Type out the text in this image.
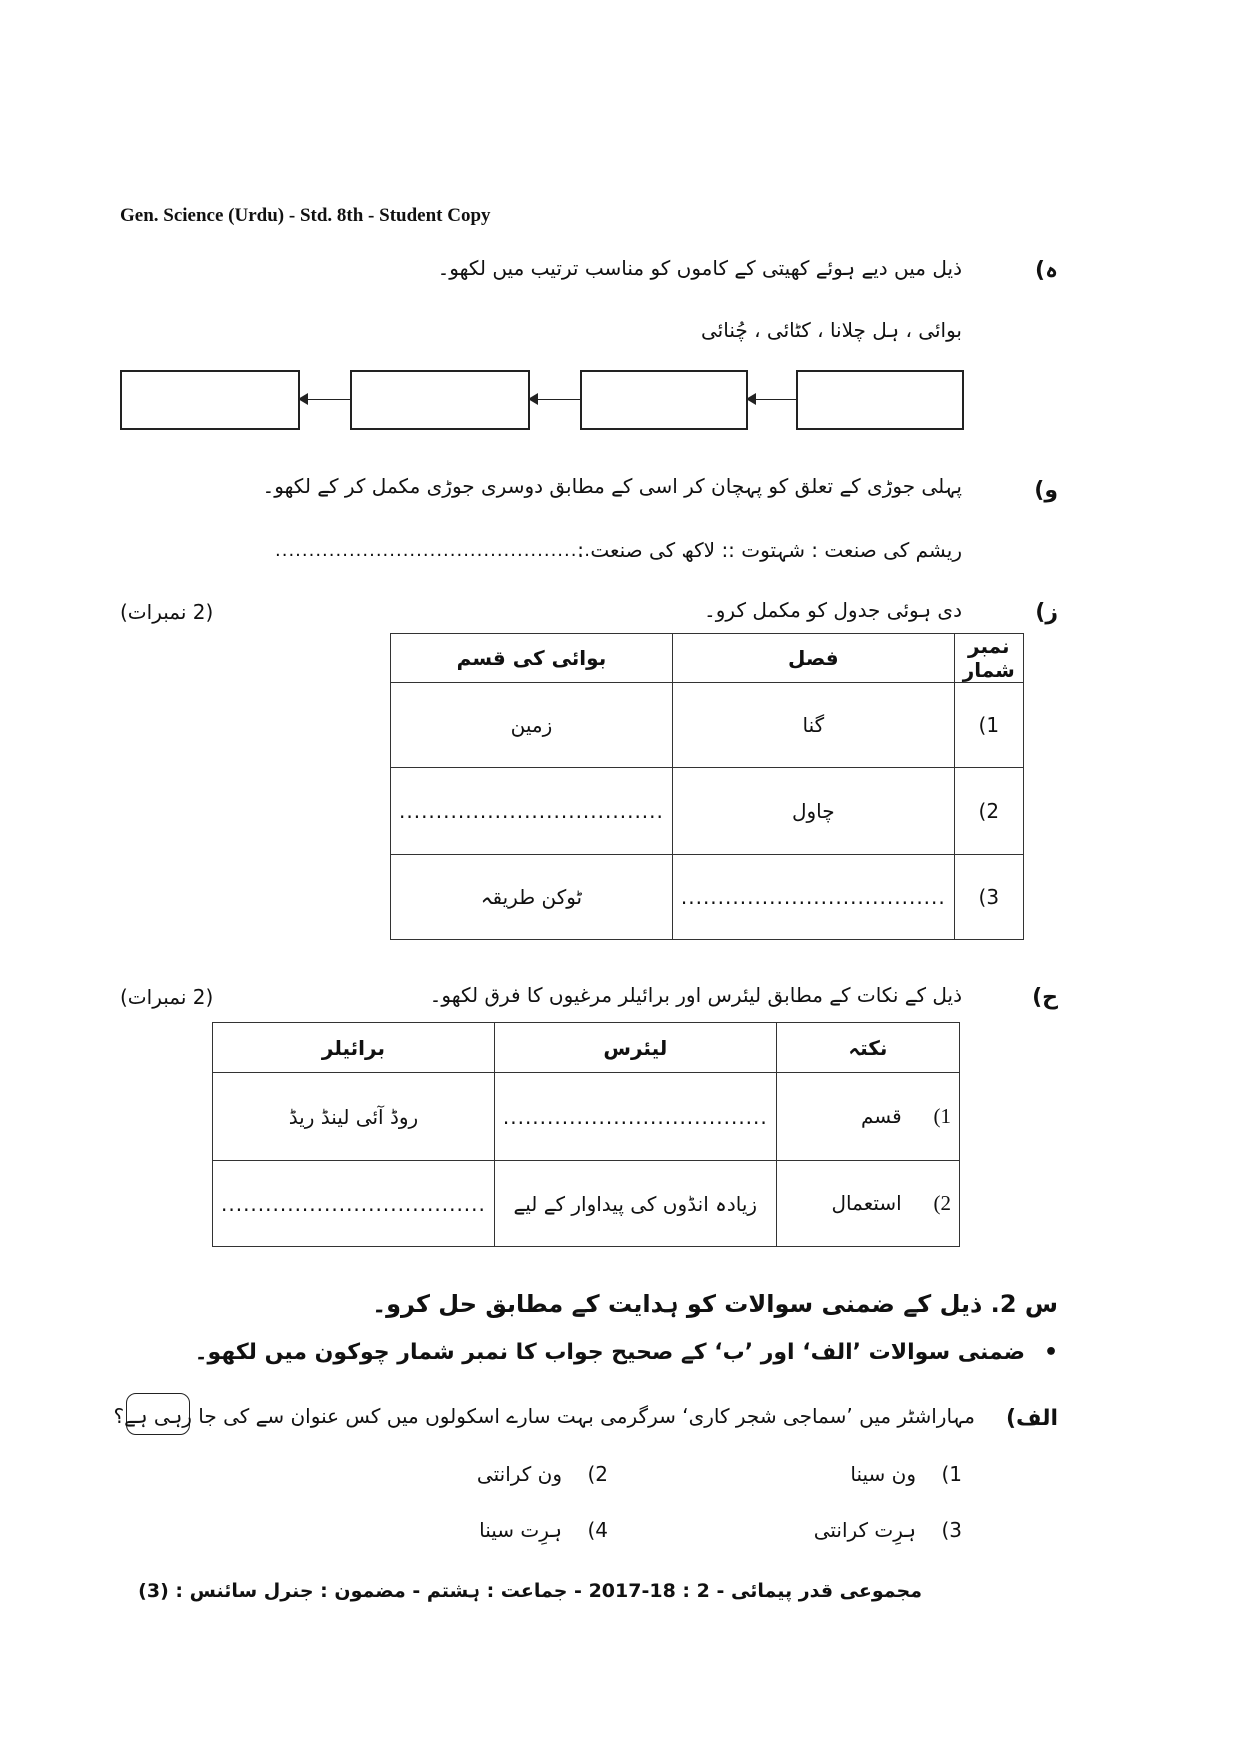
Gen. Science (Urdu) - Std. 8th - Student Copy
ہ)
ذیل میں دیے ہوئے کھیتی کے کاموں کو مناسب ترتیب میں لکھو۔
بوائی ، ہل چلانا ، کٹائی ، چُنائی
و)
پہلی جوڑی کے تعلق کو پہچان کر اسی کے مطابق دوسری جوڑی مکمل کر کے لکھو۔
ریشم کی صنعت : شہتوت :: لاکھ کی صنعت :
...............................................
ز)
دی ہوئی جدول کو مکمل کرو۔
(2 نمبرات)
نمبر شمار	فصل	بوائی کی قسم
1)	گنا	زمین
2)	چاول	....................................
3)	....................................	ٹوکن طریقہ
ح)
ذیل کے نکات کے مطابق لیئرس اور برائیلر مرغیوں کا فرق لکھو۔
(2 نمبرات)
نکتہ	لیئرس	برائیلر
1)     قسم	....................................	روڈ آئی لینڈ ریڈ
2)     استعمال	زیادہ انڈوں کی پیداوار کے لیے	....................................
س 2. ذیل کے ضمنی سوالات کو ہدایت کے مطابق حل کرو۔
•
ضمنی سوالات ’الف‘ اور ’ب‘ کے صحیح جواب کا نمبر شمار چوکون میں لکھو۔
الف)
مہاراشٹر میں ’سماجی شجر کاری‘ سرگرمی بہت سارے اسکولوں میں کس عنوان سے کی جا رہی ہے؟
1)    ون سینا
2)    ون کرانتی
3)    ہرِت کرانتی
4)    ہرِت سینا
مجموعی قدر پیمائی - 2 : 18-2017 - جماعت : ہشتم - مضمون : جنرل سائنس : (3)
